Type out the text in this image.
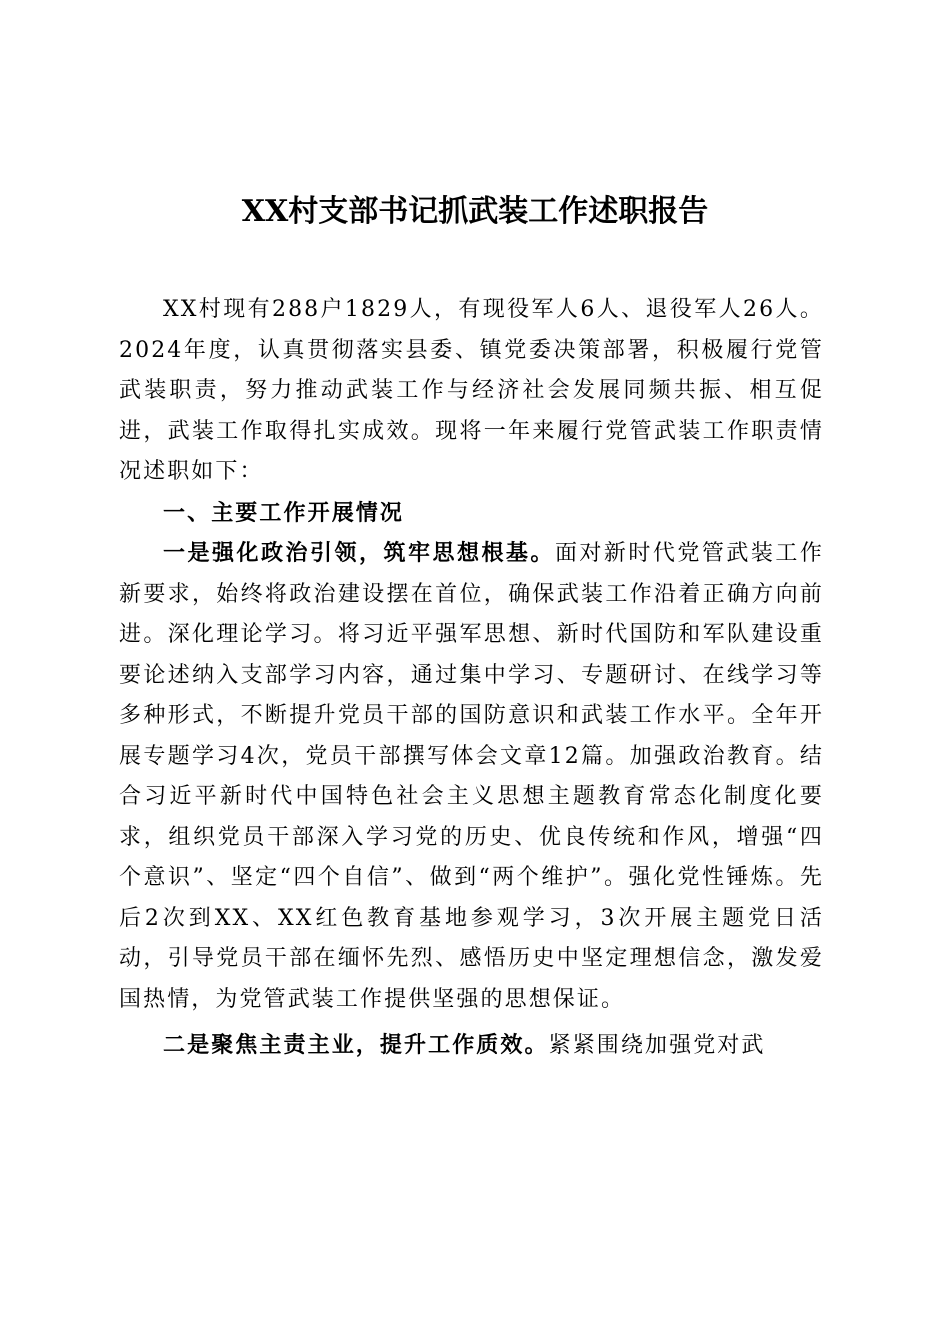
XX村支部书记抓武装工作述职报告

XX村现有288户1829人，有现役军人6人、退役军人26人。2024年度，认真贯彻落实县委、镇党委决策部署，积极履行党管武装职责，努力推动武装工作与经济社会发展同频共振、相互促进，武装工作取得扎实成效。现将一年来履行党管武装工作职责情况述职如下：

一、主要工作开展情况

一是强化政治引领，筑牢思想根基。面对新时代党管武装工作新要求，始终将政治建设摆在首位，确保武装工作沿着正确方向前进。深化理论学习。将习近平强军思想、新时代国防和军队建设重要论述纳入支部学习内容，通过集中学习、专题研讨、在线学习等多种形式，不断提升党员干部的国防意识和武装工作水平。全年开展专题学习4次，党员干部撰写体会文章12篇。加强政治教育。结合习近平新时代中国特色社会主义思想主题教育常态化制度化要求，组织党员干部深入学习党的历史、优良传统和作风，增强“四个意识”、坚定“四个自信”、做到“两个维护”。强化党性锤炼。先后2次到XX、XX红色教育基地参观学习，3次开展主题党日活动，引导党员干部在缅怀先烈、感悟历史中坚定理想信念，激发爱国热情，为党管武装工作提供坚强的思想保证。

二是聚焦主责主业，提升工作质效。紧紧围绕加强党对武
